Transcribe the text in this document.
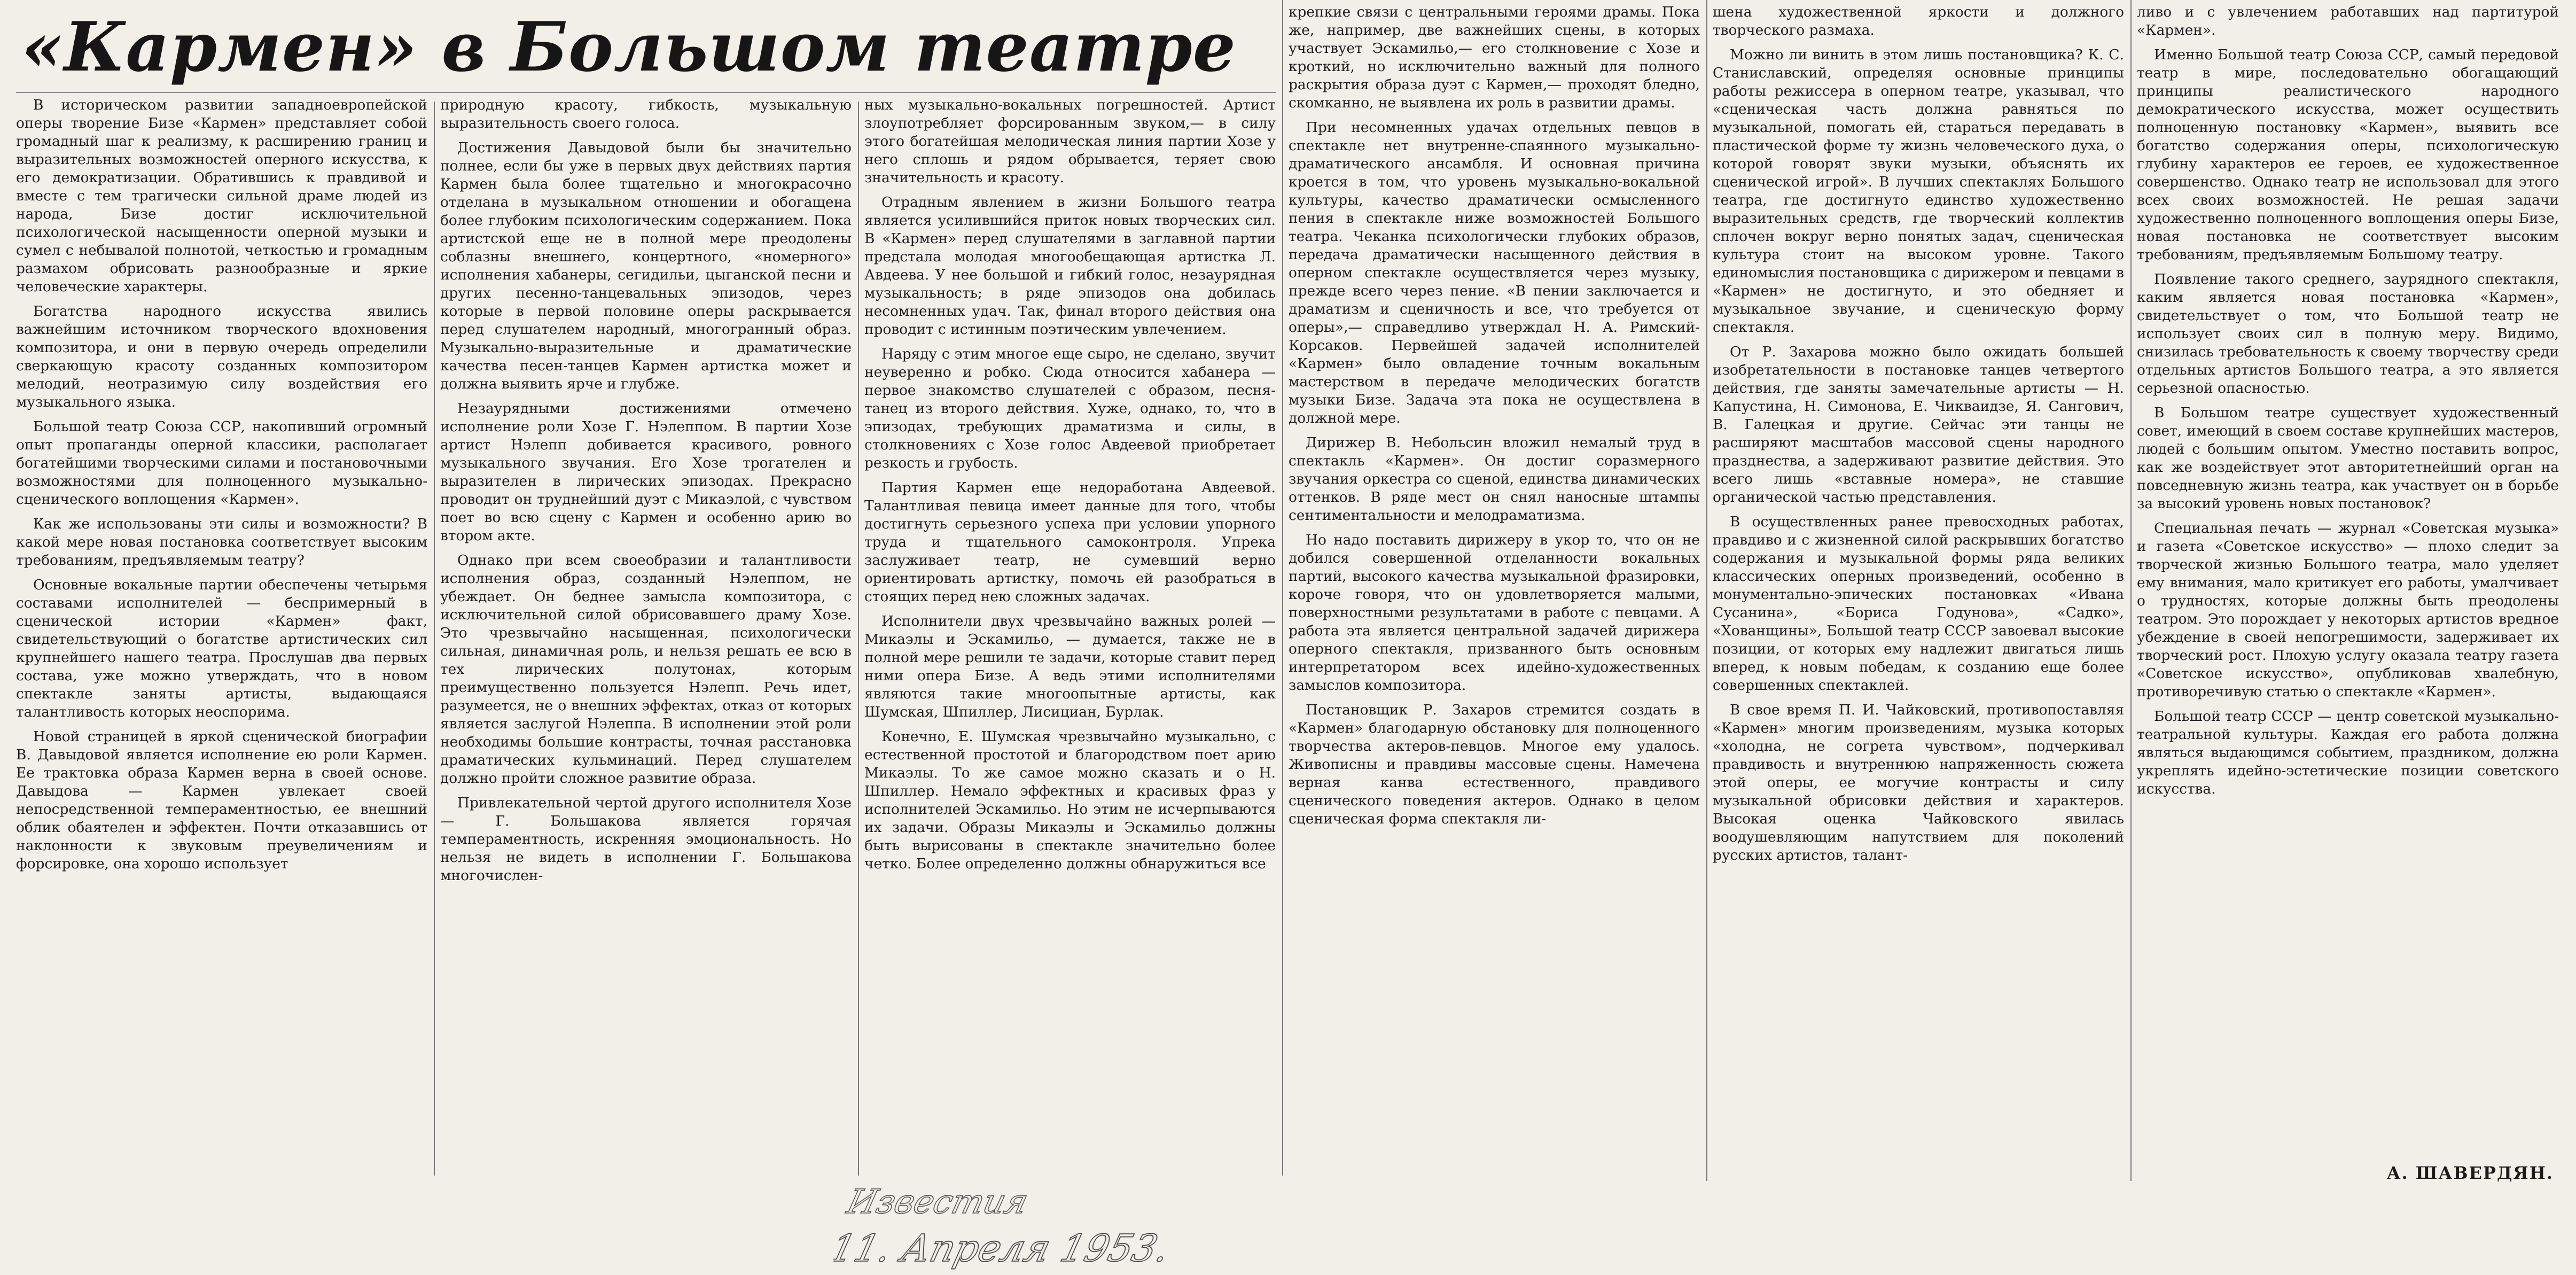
«Кармен» в Большом театре

В историческом развитии западноевропейской оперы творение Бизе «Кармен» представляет собой громадный шаг к реализму, к расширению границ и выразительных возможностей оперного искусства, к его демократизации. Обратившись к правдивой и вместе с тем трагически сильной драме людей из народа, Бизе достиг исключительной психологической насыщенности оперной музыки и сумел с небывалой полнотой, четкостью и громадным размахом обрисовать разнообразные и яркие человеческие характеры.

Богатства народного искусства явились важнейшим источником творческого вдохновения композитора, и они в первую очередь определили сверкающую красоту созданных композитором мелодий, неотразимую силу воздействия его музыкального языка.

Большой театр Союза ССР, накопивший огромный опыт пропаганды оперной классики, располагает богатейшими творческими силами и постановочными возможностями для полноценного музыкально-сценического воплощения «Кармен».

Как же использованы эти силы и возможности? В какой мере новая постановка соответствует высоким требованиям, предъявляемым театру?

Основные вокальные партии обеспечены четырьмя составами исполнителей — беспримерный в сценической истории «Кармен» факт, свидетельствующий о богатстве артистических сил крупнейшего нашего театра. Прослушав два первых состава, уже можно утверждать, что в новом спектакле заняты артисты, выдающаяся талантливость которых неоспорима.

Новой страницей в яркой сценической биографии В. Давыдовой является исполнение ею роли Кармен. Ее трактовка образа Кармен верна в своей основе. Давыдова — Кармен увлекает своей непосредственной темпераментностью, ее внешний облик обаятелен и эффектен. Почти отказавшись от наклонности к звуковым преувеличениям и форсировке, она хорошо использует

природную красоту, гибкость, музыкальную выразительность своего голоса.

Достижения Давыдовой были бы значительно полнее, если бы уже в первых двух действиях партия Кармен была более тщательно и многокрасочно отделана в музыкальном отношении и обогащена более глубоким психологическим содержанием. Пока артистской еще не в полной мере преодолены соблазны внешнего, концертного, «номерного» исполнения хабанеры, сегидильи, цыганской песни и других песенно-танцевальных эпизодов, через которые в первой половине оперы раскрывается перед слушателем народный, многогранный образ. Музыкально-выразительные и драматические качества песен-танцев Кармен артистка может и должна выявить ярче и глубже.

Незаурядными достижениями отмечено исполнение роли Хозе Г. Нэлеппом. В партии Хозе артист Нэлепп добивается красивого, ровного музыкального звучания. Его Хозе трогателен и выразителен в лирических эпизодах. Прекрасно проводит он труднейший дуэт с Микаэлой, с чувством поет во всю сцену с Кармен и особенно арию во втором акте.

Однако при всем своеобразии и талантливости исполнения образ, созданный Нэлеппом, не убеждает. Он беднее замысла композитора, с исключительной силой обрисовавшего драму Хозе. Это чрезвычайно насыщенная, психологически сильная, динамичная роль, и нельзя решать ее всю в тех лирических полутонах, которым преимущественно пользуется Нэлепп. Речь идет, разумеется, не о внешних эффектах, отказ от которых является заслугой Нэлеппа. В исполнении этой роли необходимы большие контрасты, точная расстановка драматических кульминаций. Перед слушателем должно пройти сложное развитие образа.

Привлекательной чертой другого исполнителя Хозе — Г. Большакова является горячая темпераментность, искренняя эмоциональность. Но нельзя не видеть в исполнении Г. Большакова многочислен-

ных музыкально-вокальных погрешностей. Артист злоупотребляет форсированным звуком,— в силу этого богатейшая мелодическая линия партии Хозе у него сплошь и рядом обрывается, теряет свою значительность и красоту.

Отрадным явлением в жизни Большого театра является усилившийся приток новых творческих сил. В «Кармен» перед слушателями в заглавной партии предстала молодая многообещающая артистка Л. Авдеева. У нее большой и гибкий голос, незаурядная музыкальность; в ряде эпизодов она добилась несомненных удач. Так, финал второго действия она проводит с истинным поэтическим увлечением.

Наряду с этим многое еще сыро, не сделано, звучит неуверенно и робко. Сюда относится хабанера — первое знакомство слушателей с образом, песня-танец из второго действия. Хуже, однако, то, что в эпизодах, требующих драматизма и силы, в столкновениях с Хозе голос Авдеевой приобретает резкость и грубость.

Партия Кармен еще недоработана Авдеевой. Талантливая певица имеет данные для того, чтобы достигнуть серьезного успеха при условии упорного труда и тщательного самоконтроля. Упрека заслуживает театр, не сумевший верно ориентировать артистку, помочь ей разобраться в стоящих перед нею сложных задачах.

Исполнители двух чрезвычайно важных ролей — Микаэлы и Эскамильо, — думается, также не в полной мере решили те задачи, которые ставит перед ними опера Бизе. А ведь этими исполнителями являются такие многоопытные артисты, как Шумская, Шпиллер, Лисициан, Бурлак.

Конечно, Е. Шумская чрезвычайно музыкально, с естественной простотой и благородством поет арию Микаэлы. То же самое можно сказать и о Н. Шпиллер. Немало эффектных и красивых фраз у исполнителей Эскамильо. Но этим не исчерпываются их задачи. Образы Микаэлы и Эскамильо должны быть вырисованы в спектакле значительно более четко. Более определенно должны обнаружиться все

крепкие связи с центральными героями драмы. Пока же, например, две важнейших сцены, в которых участвует Эскамильо,— его столкновение с Хозе и кроткий, но исключительно важный для полного раскрытия образа дуэт с Кармен,— проходят бледно, скомканно, не выявлена их роль в развитии драмы.

При несомненных удачах отдельных певцов в спектакле нет внутренне-спаянного музыкально-драматического ансамбля. И основная причина кроется в том, что уровень музыкально-вокальной культуры, качество драматически осмысленного пения в спектакле ниже возможностей Большого театра. Чеканка психологически глубоких образов, передача драматически насыщенного действия в оперном спектакле осуществляется через музыку, прежде всего через пение. «В пении заключается и драматизм и сценичность и все, что требуется от оперы»,— справедливо утверждал Н. А. Римский-Корсаков. Первейшей задачей исполнителей «Кармен» было овладение точным вокальным мастерством в передаче мелодических богатств музыки Бизе. Задача эта пока не осуществлена в должной мере.

Дирижер В. Небольсин вложил немалый труд в спектакль «Кармен». Он достиг соразмерного звучания оркестра со сценой, единства динамических оттенков. В ряде мест он снял наносные штампы сентиментальности и мелодраматизма.

Но надо поставить дирижеру в укор то, что он не добился совершенной отделанности вокальных партий, высокого качества музыкальной фразировки, короче говоря, что он удовлетворяется малыми, поверхностными результатами в работе с певцами. А работа эта является центральной задачей дирижера оперного спектакля, призванного быть основным интерпретатором всех идейно-художественных замыслов композитора.

Постановщик Р. Захаров стремится создать в «Кармен» благодарную обстановку для полноценного творчества актеров-певцов. Многое ему удалось. Живописны и правдивы массовые сцены. Намечена верная канва естественного, правдивого сценического поведения актеров. Однако в целом сценическая форма спектакля ли-

шена художественной яркости и должного творческого размаха.

Можно ли винить в этом лишь постановщика? К. С. Станиславский, определяя основные принципы работы режиссера в оперном театре, указывал, что «сценическая часть должна равняться по музыкальной, помогать ей, стараться передавать в пластической форме ту жизнь человеческого духа, о которой говорят звуки музыки, объяснять их сценической игрой». В лучших спектаклях Большого театра, где достигнуто единство художественно выразительных средств, где творческий коллектив сплочен вокруг верно понятых задач, сценическая культура стоит на высоком уровне. Такого единомыслия постановщика с дирижером и певцами в «Кармен» не достигнуто, и это обедняет и музыкальное звучание, и сценическую форму спектакля.

От Р. Захарова можно было ожидать большей изобретательности в постановке танцев четвертого действия, где заняты замечательные артисты — Н. Капустина, Н. Симонова, Е. Чикваидзе, Я. Сангович, В. Галецкая и другие. Сейчас эти танцы не расширяют масштабов массовой сцены народного празднества, а задерживают развитие действия. Это всего лишь «вставные номера», не ставшие органической частью представления.

В осуществленных ранее превосходных работах, правдиво и с жизненной силой раскрывших богатство содержания и музыкальной формы ряда великих классических оперных произведений, особенно в монументально-эпических постановках «Ивана Сусанина», «Бориса Годунова», «Садко», «Хованщины», Большой театр СССР завоевал высокие позиции, от которых ему надлежит двигаться лишь вперед, к новым победам, к созданию еще более совершенных спектаклей.

В свое время П. И. Чайковский, противопоставляя «Кармен» многим произведениям, музыка которых «холодна, не согрета чувством», подчеркивал правдивость и внутреннюю напряженность сюжета этой оперы, ее могучие контрасты и силу музыкальной обрисовки действия и характеров. Высокая оценка Чайковского явилась воодушевляющим напутствием для поколений русских артистов, талант-

ливо и с увлечением работавших над партитурой «Кармен».

Именно Большой театр Союза ССР, самый передовой театр в мире, последовательно обогащающий принципы реалистического народного демократического искусства, может осуществить полноценную постановку «Кармен», выявить все богатство содержания оперы, психологическую глубину характеров ее героев, ее художественное совершенство. Однако театр не использовал для этого всех своих возможностей. Не решая задачи художественно полноценного воплощения оперы Бизе, новая постановка не соответствует высоким требованиям, предъявляемым Большому театру.

Появление такого среднего, заурядного спектакля, каким является новая постановка «Кармен», свидетельствует о том, что Большой театр не использует своих сил в полную меру. Видимо, снизилась требовательность к своему творчеству среди отдельных артистов Большого театра, а это является серьезной опасностью.

В Большом театре существует художественный совет, имеющий в своем составе крупнейших мастеров, людей с большим опытом. Уместно поставить вопрос, как же воздействует этот авторитетнейший орган на повседневную жизнь театра, как участвует он в борьбе за высокий уровень новых постановок?

Специальная печать — журнал «Советская музыка» и газета «Советское искусство» — плохо следит за творческой жизнью Большого театра, мало уделяет ему внимания, мало критикует его работы, умалчивает о трудностях, которые должны быть преодолены театром. Это порождает у некоторых артистов вредное убеждение в своей непогрешимости, задерживает их творческий рост. Плохую услугу оказала театру газета «Советское искусство», опубликовав хвалебную, противоречивую статью о спектакле «Кармен».

Большой театр СССР — центр советской музыкально-театральной культуры. Каждая его работа должна являться выдающимся событием, праздником, должна укреплять идейно-эстетические позиции советского искусства.

А. ШАВЕРДЯН.

Известия
11. Апреля 1953.
